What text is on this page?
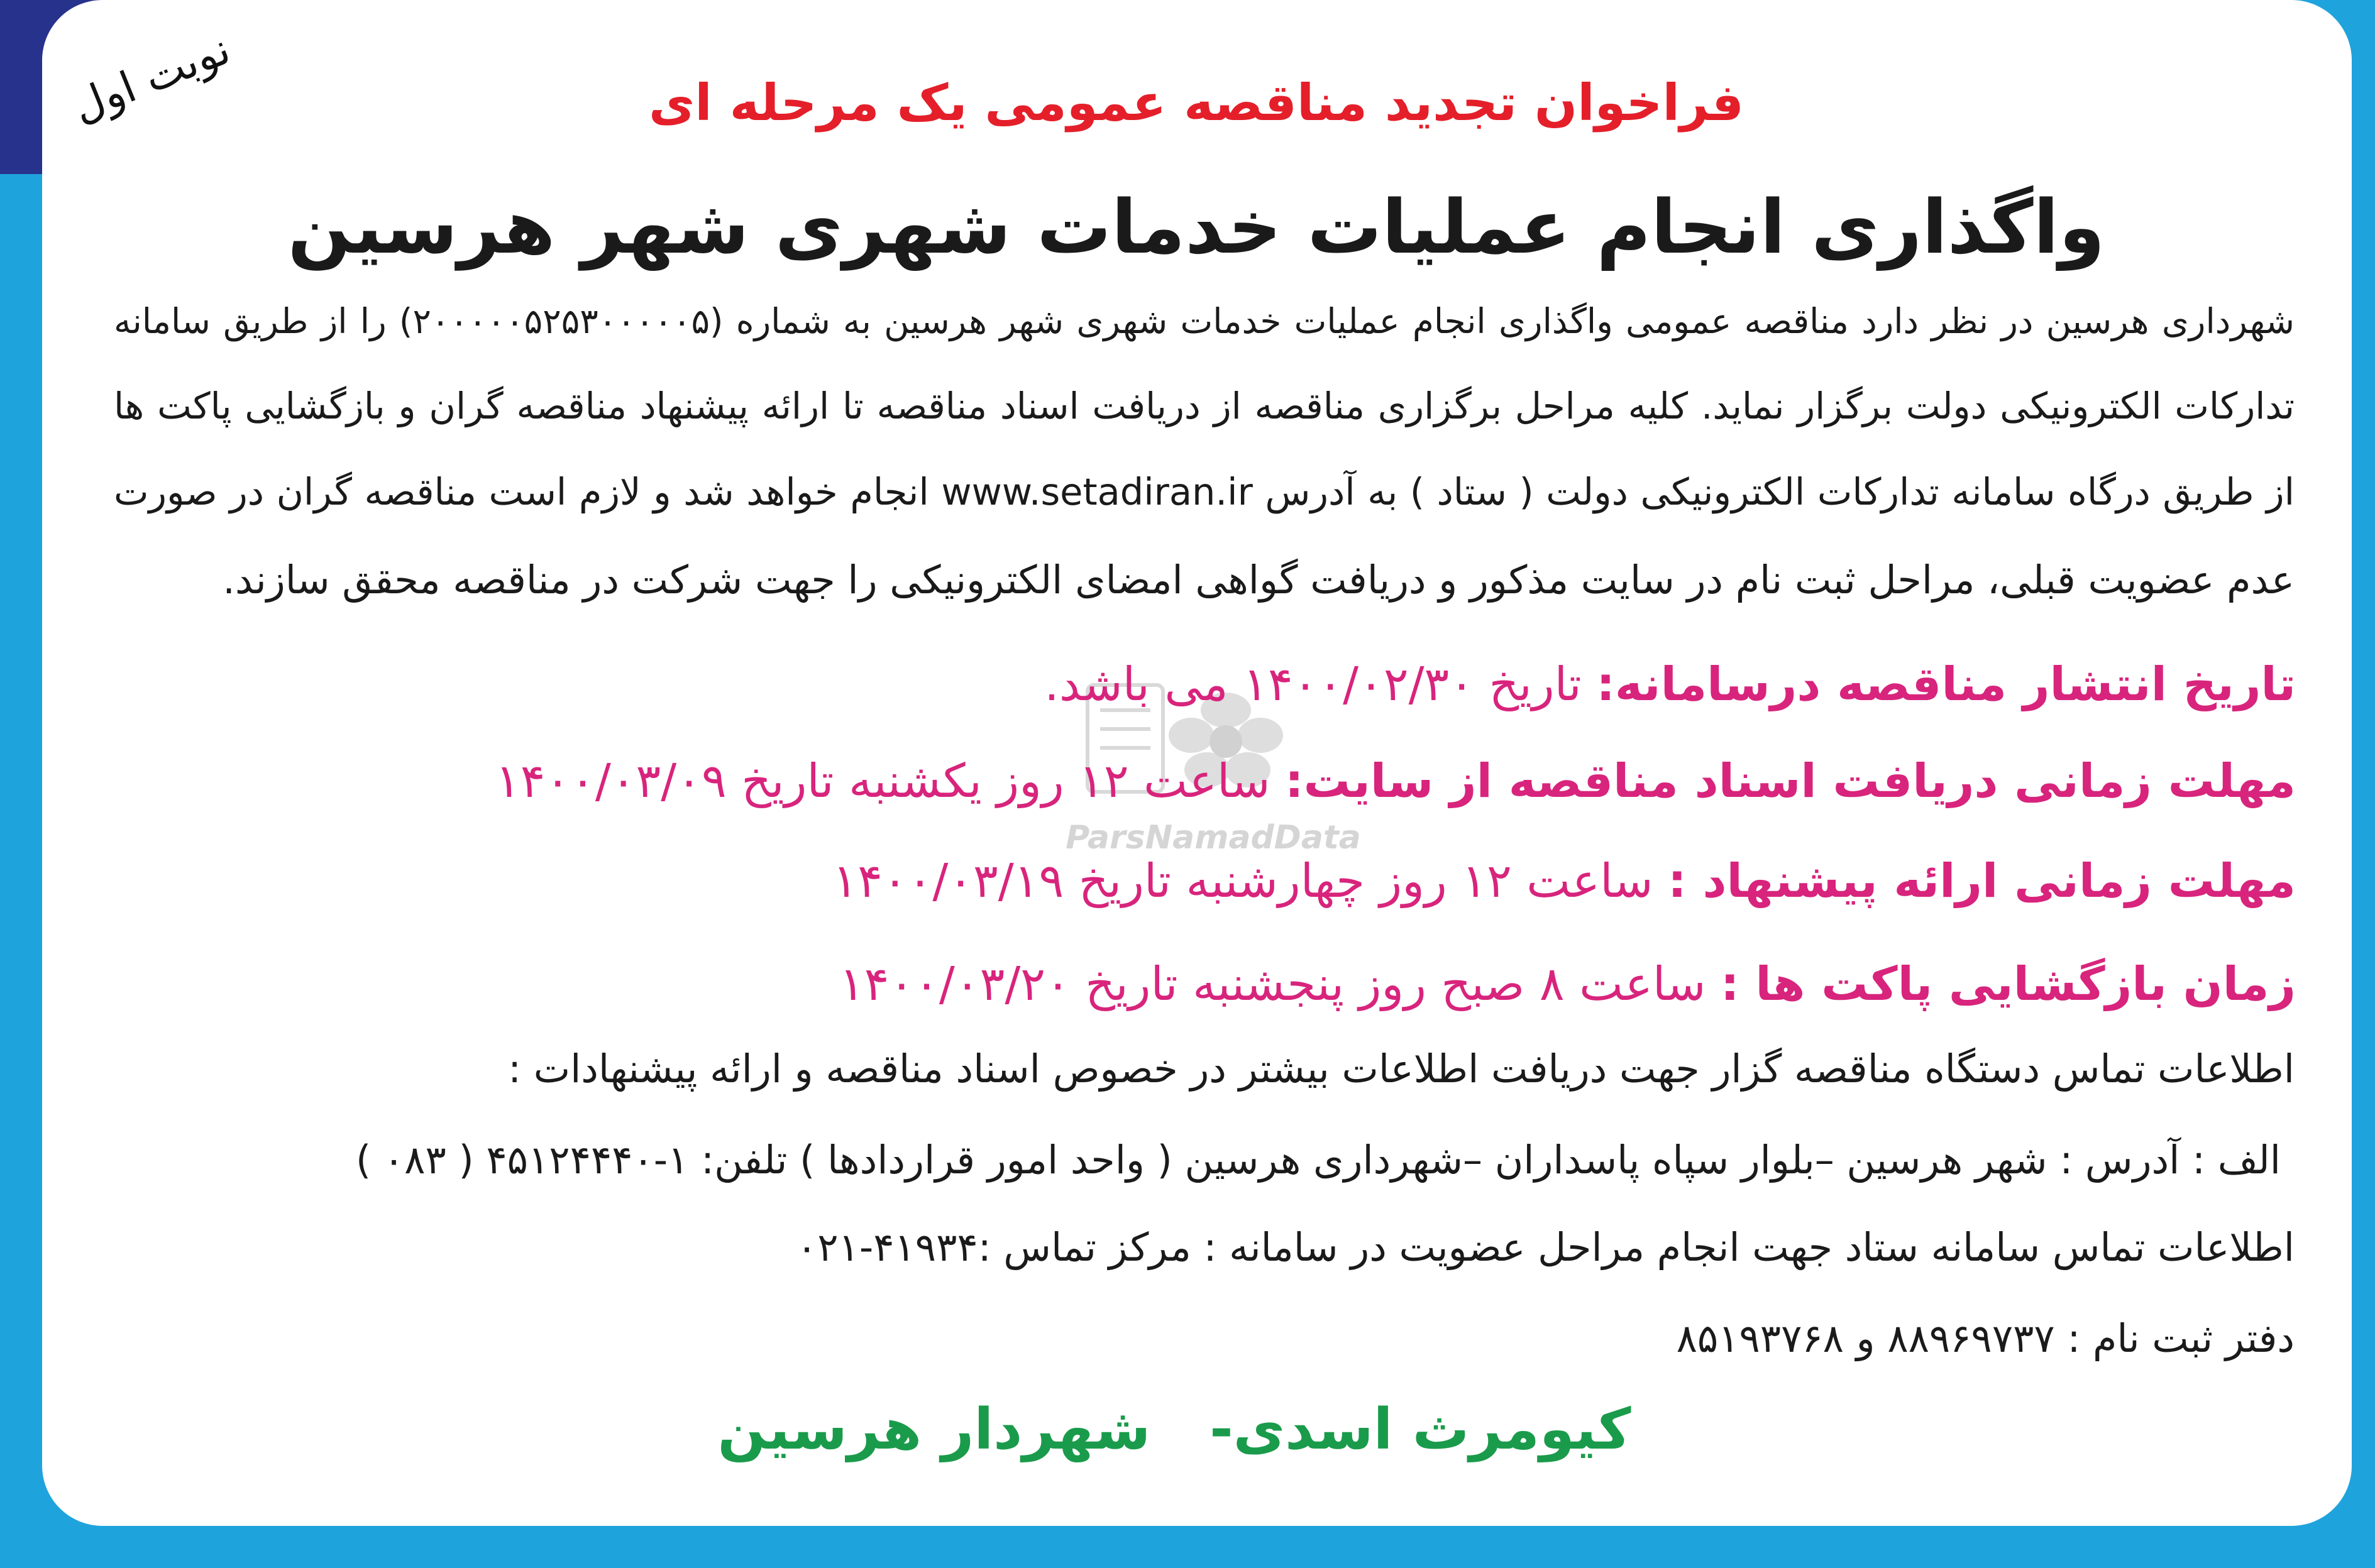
نوبت اول	فراخوان تجدید مناقصه عمومی یک مرحله ای
واگذاری انجام عملیات خدمات شهری شهر هرسین
شهرداری هرسین در نظر دارد مناقصه عمومی واگذاری انجام عملیات خدمات شهری شهر هرسین به شماره (۲۰۰۰۰۰۵۲۵۳۰۰۰۰۰۵) را از طریق سامانه
تدارکات الکترونیکی دولت برگزار نماید. کلیه مراحل برگزاری مناقصه از دریافت اسناد مناقصه تا ارائه پیشنهاد مناقصه گران و بازگشایی پاکت ها
از طریق درگاه سامانه تدارکات الکترونیکی دولت ( ستاد ) به آدرس www.setadiran.ir انجام خواهد شد و لازم است مناقصه گران در صورت
عدم عضویت قبلی، مراحل ثبت نام در سایت مذکور و دریافت گواهی امضای الکترونیکی را جهت شرکت در مناقصه محقق سازند.
ParsNamadData
تاریخ انتشار مناقصه درسامانه: تاریخ ۱۴۰۰/۰۲/۳۰ می باشد.
مهلت زمانی دریافت اسناد مناقصه از سایت: ساعت ۱۲ روز یکشنبه تاریخ ۱۴۰۰/۰۳/۰۹
مهلت زمانی ارائه پیشنهاد : ساعت ۱۲ روز چهارشنبه تاریخ ۱۴۰۰/۰۳/۱۹
زمان بازگشایی پاکت ها : ساعت ۸ صبح روز پنجشنبه تاریخ ۱۴۰۰/۰۳/۲۰
اطلاعات تماس دستگاه مناقصه گزار جهت دریافت اطلاعات بیشتر در خصوص اسناد مناقصه و ارائه پیشنهادات :
الف : آدرس : شهر هرسین –بلوار سپاه پاسداران –شهرداری هرسین ( واحد امور قراردادها ) تلفن: ۱-۴۵۱۲۴۴۴۰ ( ۰۸۳ )
اطلاعات تماس سامانه ستاد جهت انجام مراحل عضویت در سامانه : مرکز تماس :۴۱۹۳۴-۰۲۱
دفتر ثبت نام : ۸۸۹۶۹۷۳۷ و ۸۵۱۹۳۷۶۸
کیومرث اسدی-   شهردار هرسین
